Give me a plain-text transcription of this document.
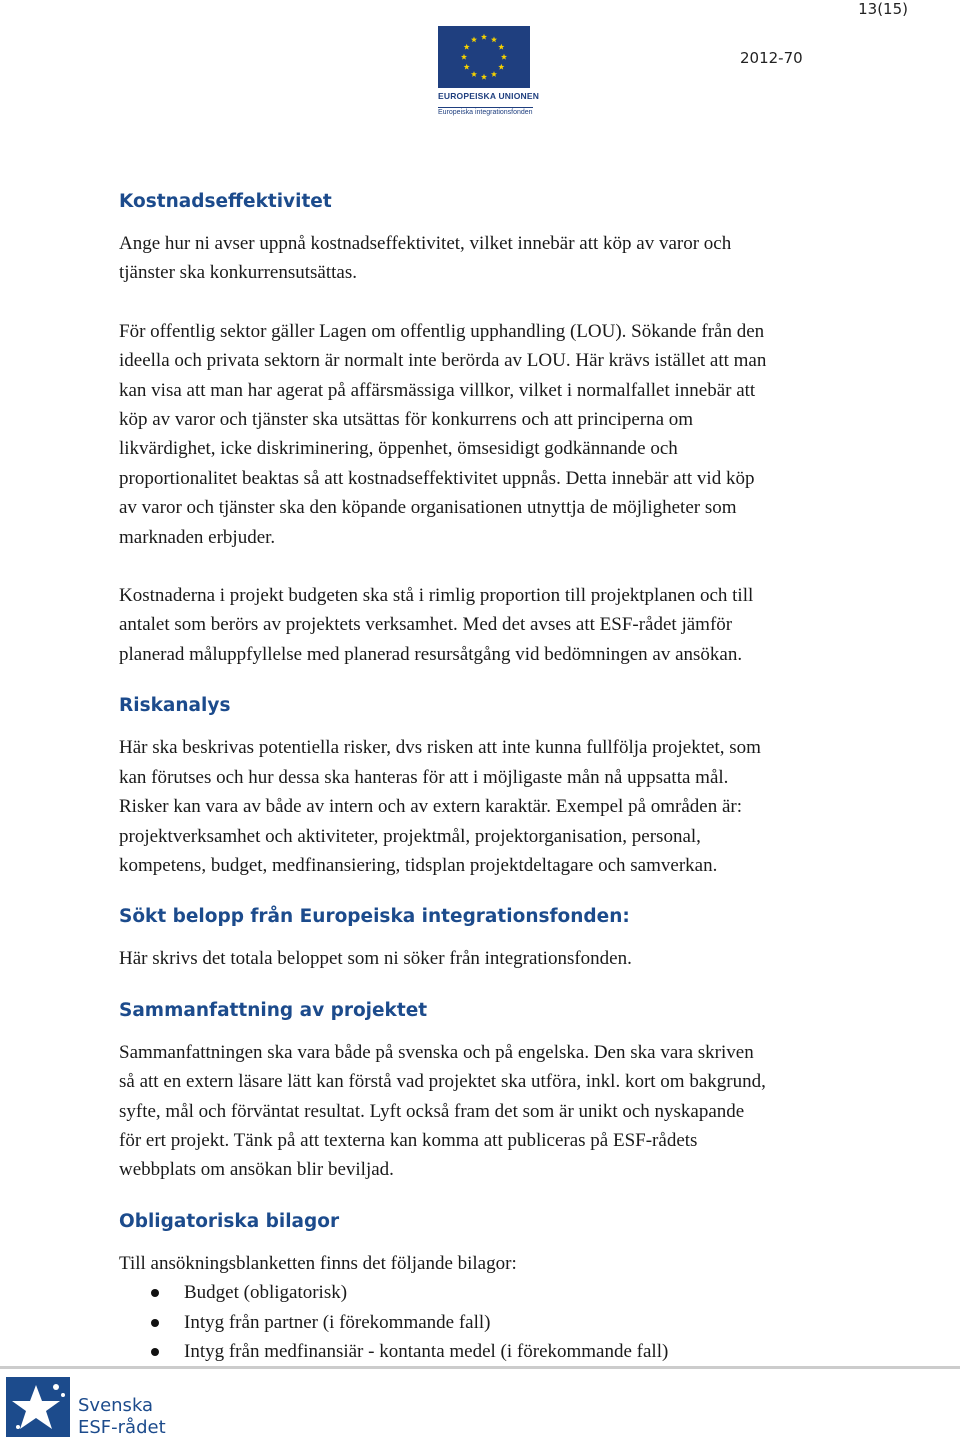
13(15)
EUROPEISKA UNIONEN
Europeiska integrationsfonden
2012-70
Kostnadseffektivitet

Ange hur ni avser uppnå kostnadseffektivitet, vilket innebär att köp av varor och
tjänster ska konkurrensutsättas.

För offentlig sektor gäller Lagen om offentlig upphandling (LOU). Sökande från den
ideella och privata sektorn är normalt inte berörda av LOU. Här krävs istället att man
kan visa att man har agerat på affärsmässiga villkor, vilket i normalfallet innebär att
köp av varor och tjänster ska utsättas för konkurrens och att principerna om
likvärdighet, icke diskriminering, öppenhet, ömsesidigt godkännande och
proportionalitet beaktas så att kostnadseffektivitet uppnås. Detta innebär att vid köp
av varor och tjänster ska den köpande organisationen utnyttja de möjligheter som
marknaden erbjuder.

Kostnaderna i projekt budgeten ska stå i rimlig proportion till projektplanen och till
antalet som berörs av projektets verksamhet. Med det avses att ESF-rådet jämför
planerad måluppfyllelse med planerad resursåtgång vid bedömningen av ansökan.

Riskanalys

Här ska beskrivas potentiella risker, dvs risken att inte kunna fullfölja projektet, som
kan förutses och hur dessa ska hanteras för att i möjligaste mån nå uppsatta mål.
Risker kan vara av både av intern och av extern karaktär. Exempel på områden är:
projektverksamhet och aktiviteter, projektmål, projektorganisation, personal,
kompetens, budget, medfinansiering, tidsplan projektdeltagare och samverkan.

Sökt belopp från Europeiska integrationsfonden:

Här skrivs det totala beloppet som ni söker från integrationsfonden.

Sammanfattning av projektet

Sammanfattningen ska vara både på svenska och på engelska. Den ska vara skriven
så att en extern läsare lätt kan förstå vad projektet ska utföra, inkl. kort om bakgrund,
syfte, mål och förväntat resultat. Lyft också fram det som är unikt och nyskapande
för ert projekt. Tänk på att texterna kan komma att publiceras på ESF-rådets
webbplats om ansökan blir beviljad.

Obligatoriska bilagor

Till ansökningsblanketten finns det följande bilagor:

Budget (obligatorisk)
Intyg från partner (i förekommande fall)
Intyg från medfinansiär - kontanta medel (i förekommande fall)
Svenska
ESF-rådet
